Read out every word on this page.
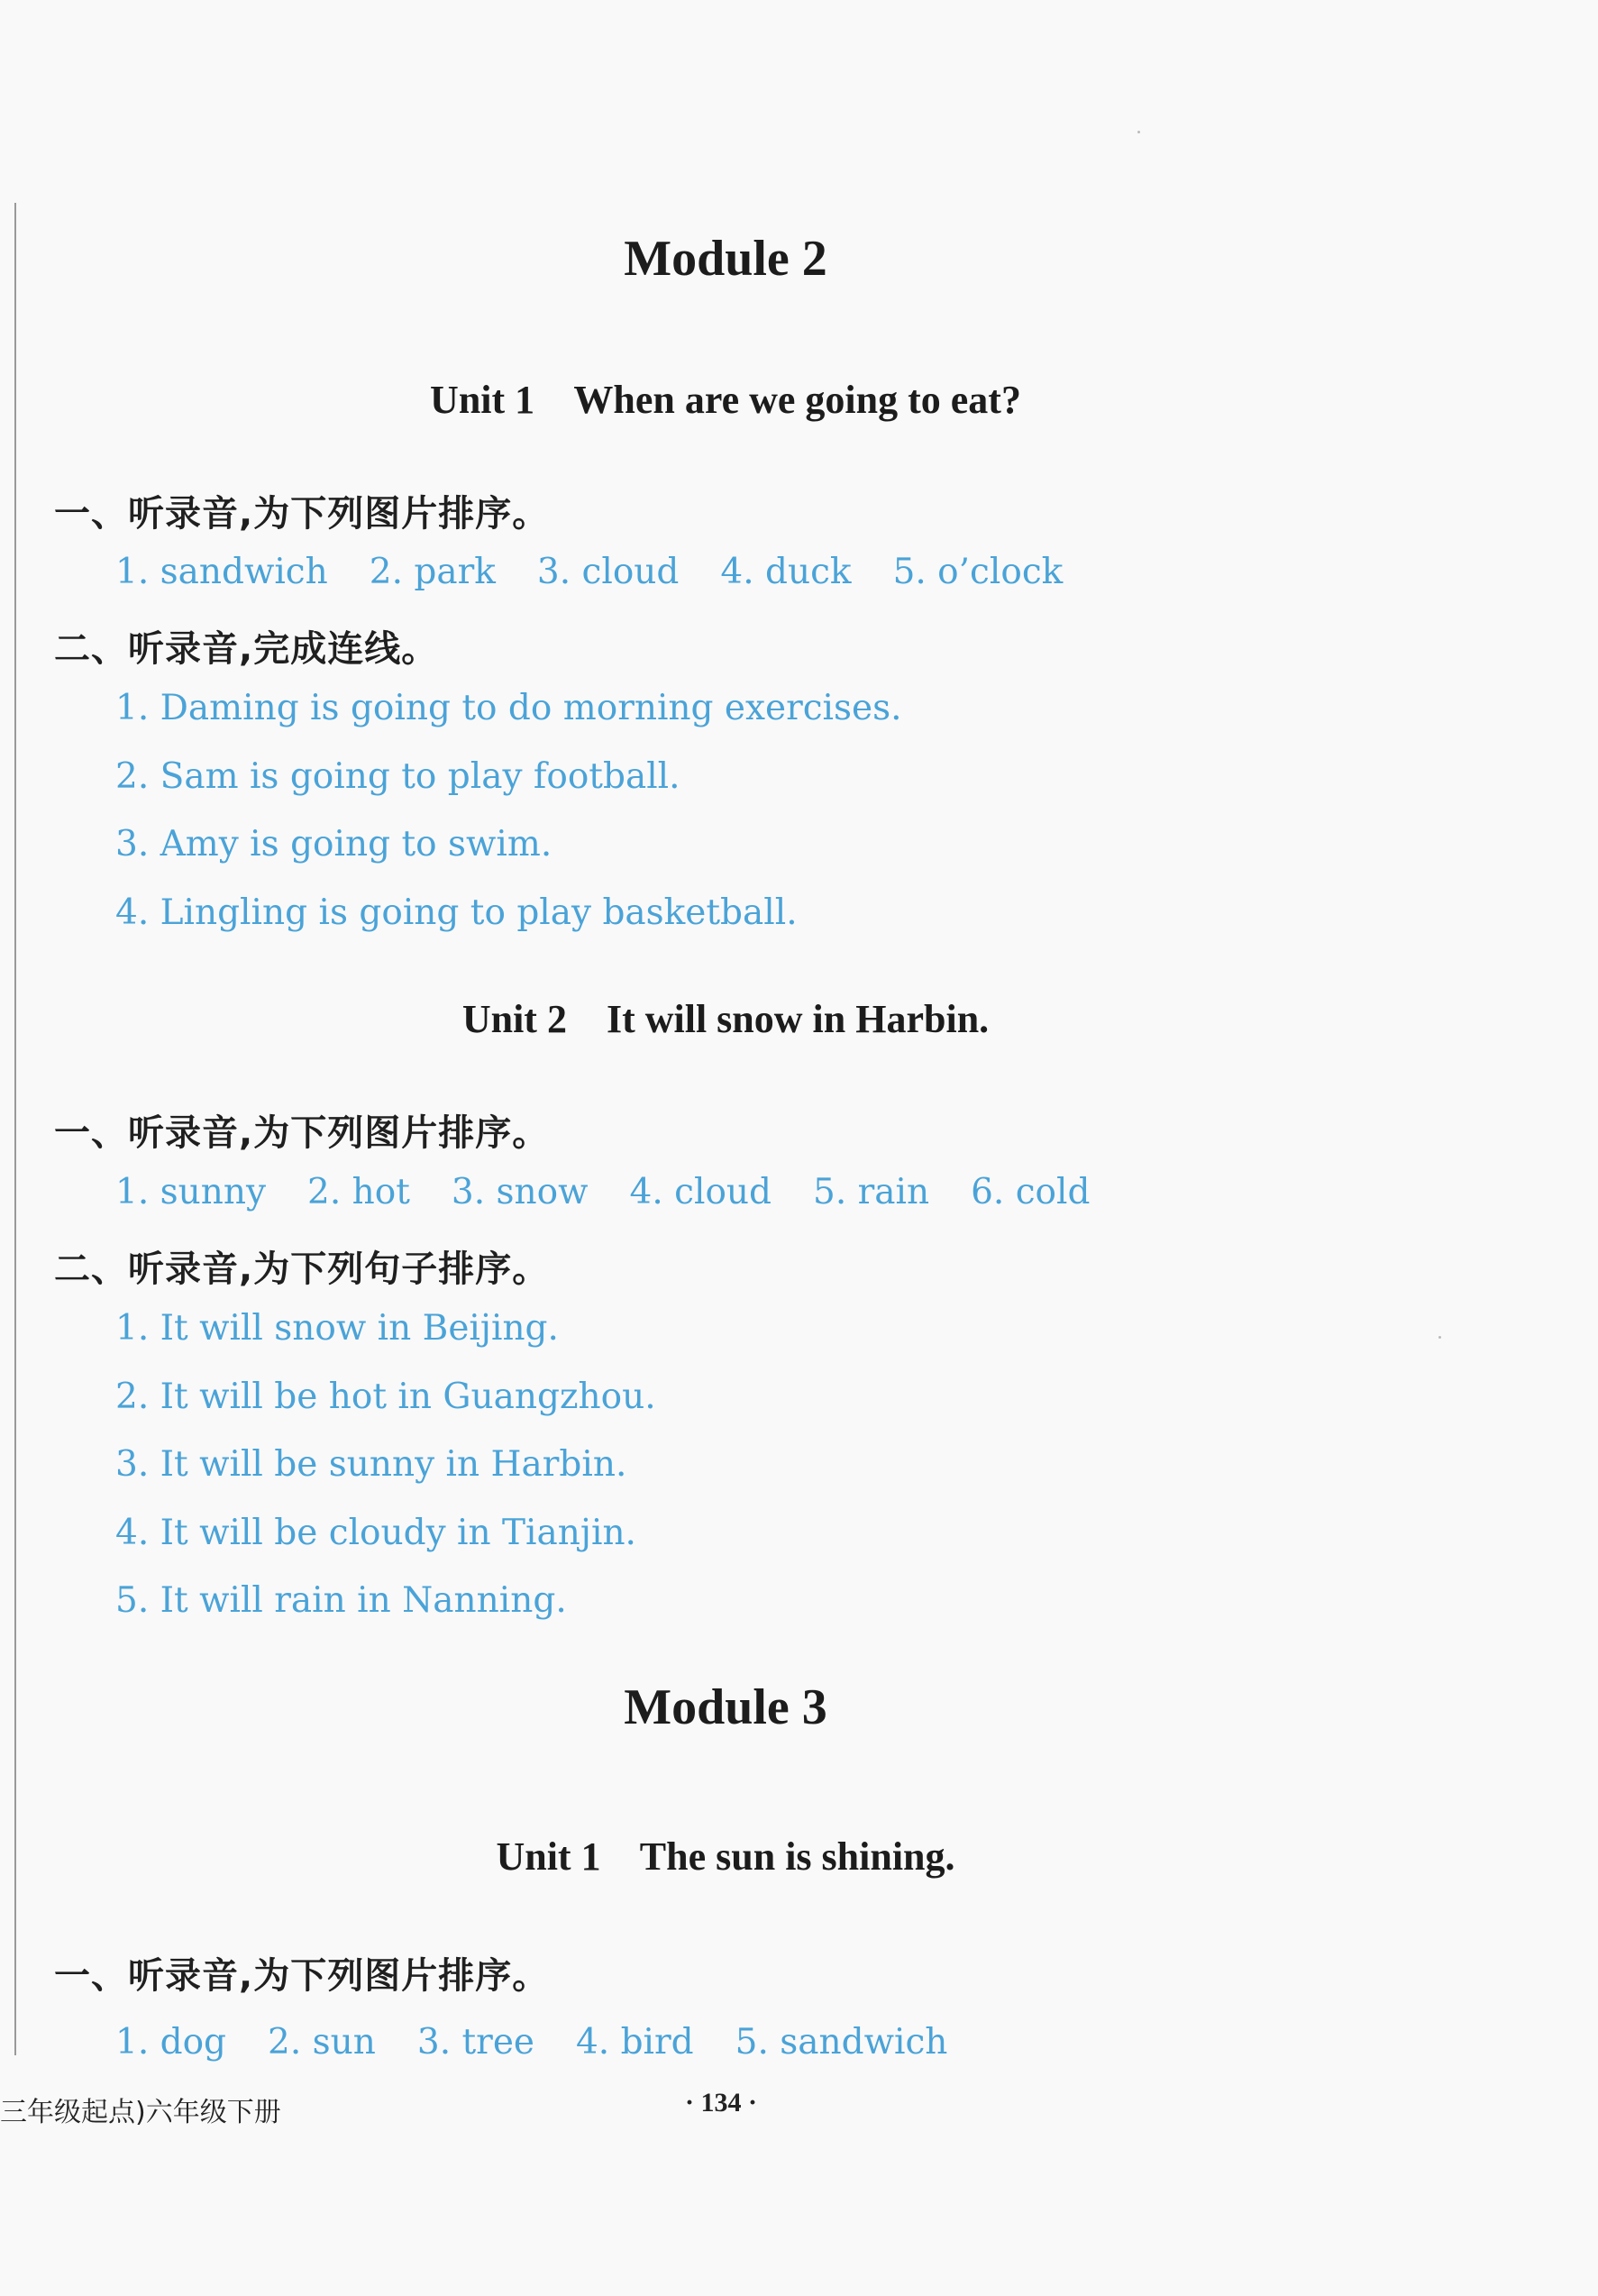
Module 2
Unit 1    When are we going to eat?
一、听录音,为下列图片排序。
1. sandwich 2. park 3. cloud 4. duck 5. o’clock
二、听录音,完成连线。
1. Daming is going to do morning exercises.
2. Sam is going to play football.
3. Amy is going to swim.
4. Lingling is going to play basketball.
Unit 2    It will snow in Harbin.
一、听录音,为下列图片排序。
1. sunny 2. hot 3. snow 4. cloud 5. rain 6. cold
二、听录音,为下列句子排序。
1. It will snow in Beijing.
2. It will be hot in Guangzhou.
3. It will be sunny in Harbin.
4. It will be cloudy in Tianjin.
5. It will rain in Nanning.
Module 3
Unit 1    The sun is shining.
一、听录音,为下列图片排序。
1. dog 2. sun 3. tree 4. bird 5. sandwich
三年级起点)六年级下册	· 134 ·
